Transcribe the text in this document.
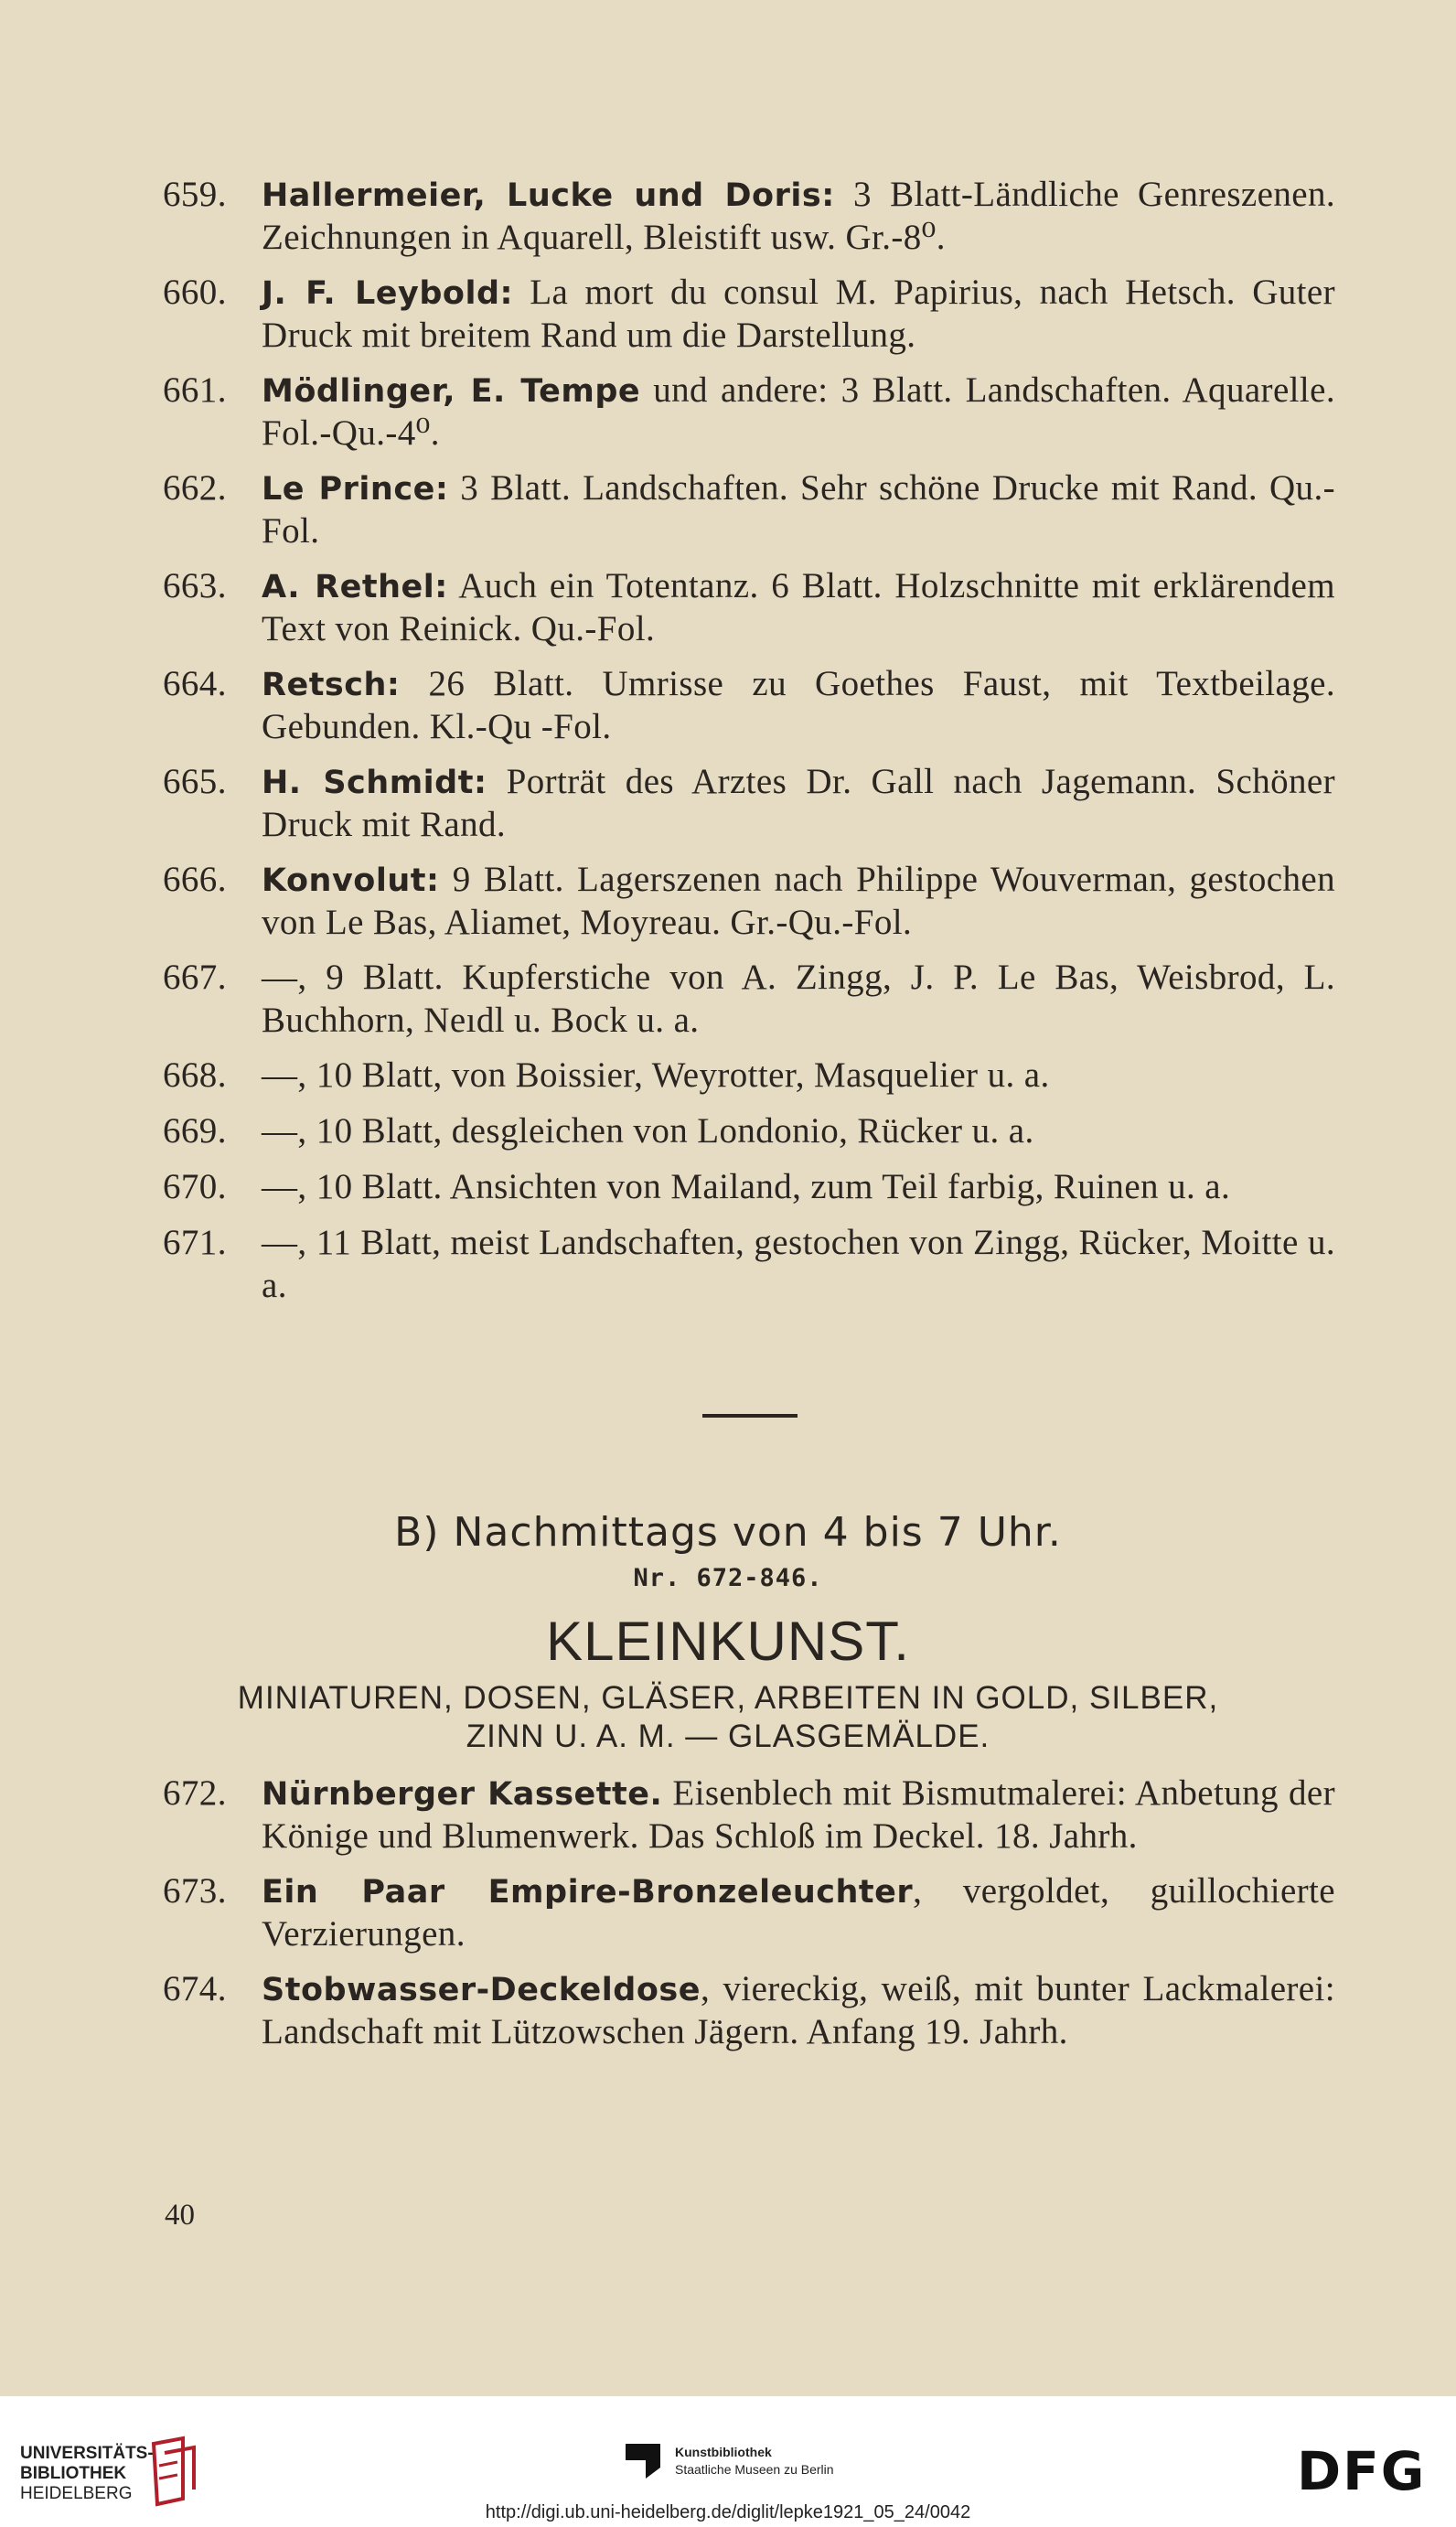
659.	Hallermeier, Lucke und Doris: 3 Blatt-Ländliche Genreszenen. Zeichnungen in Aquarell, Bleistift usw. Gr.-8⁰.
660.	J. F. Leybold: La mort du consul M. Papirius, nach Hetsch. Guter Druck mit breitem Rand um die Darstellung.
661.	Mödlinger, E. Tempe und andere: 3 Blatt. Landschaften. Aquarelle. Fol.-Qu.-4⁰.
662.	Le Prince: 3 Blatt. Landschaften. Sehr schöne Drucke mit Rand. Qu.-Fol.
663.	A. Rethel: Auch ein Totentanz. 6 Blatt. Holzschnitte mit erklärendem Text von Reinick. Qu.-Fol.
664.	Retsch: 26 Blatt. Umrisse zu Goethes Faust, mit Textbeilage. Gebunden. Kl.-Qu -Fol.
665.	H. Schmidt: Porträt des Arztes Dr. Gall nach Jagemann. Schöner Druck mit Rand.
666.	Konvolut: 9 Blatt. Lagerszenen nach Philippe Wouverman, gestochen von Le Bas, Aliamet, Moyreau. Gr.-Qu.-Fol.
667. —, 9 Blatt. Kupferstiche von A. Zingg, J. P. Le Bas, Weisbrod, L. Buchhorn, Neıdl u. Bock u. a.
668. —, 10 Blatt, von Boissier, Weyrotter, Masquelier u. a.
669. —, 10 Blatt, desgleichen von Londonio, Rücker u. a.
670. —, 10 Blatt. Ansichten von Mailand, zum Teil farbig, Ruinen u. a.
671. —, 11 Blatt, meist Landschaften, gestochen von Zingg, Rücker, Moitte u. a.
B) Nachmittags von 4 bis 7 Uhr.
Nr. 672-846.
KLEINKUNST.
MINIATUREN, DOSEN, GLÄSER, ARBEITEN IN GOLD, SILBER,
ZINN U. A. M. — GLASGEMÄLDE.
672.	Nürnberger Kassette. Eisenblech mit Bismutmalerei: Anbetung der Könige und Blumenwerk. Das Schloß im Deckel. 18. Jahrh.
673.	Ein Paar Empire-Bronzeleuchter, vergoldet, guillochierte Verzierungen.
674.	Stobwasser-Deckeldose, viereckig, weiß, mit bunter Lackmalerei: Landschaft mit Lützowschen Jägern. Anfang 19. Jahrh.
40
UNIVERSITÄTS-
BIBLIOTHEK
HEIDELBERG
Kunstbibliothek
Staatliche Museen zu Berlin	DFG
http://digi.ub.uni-heidelberg.de/diglit/lepke1921_05_24/0042
